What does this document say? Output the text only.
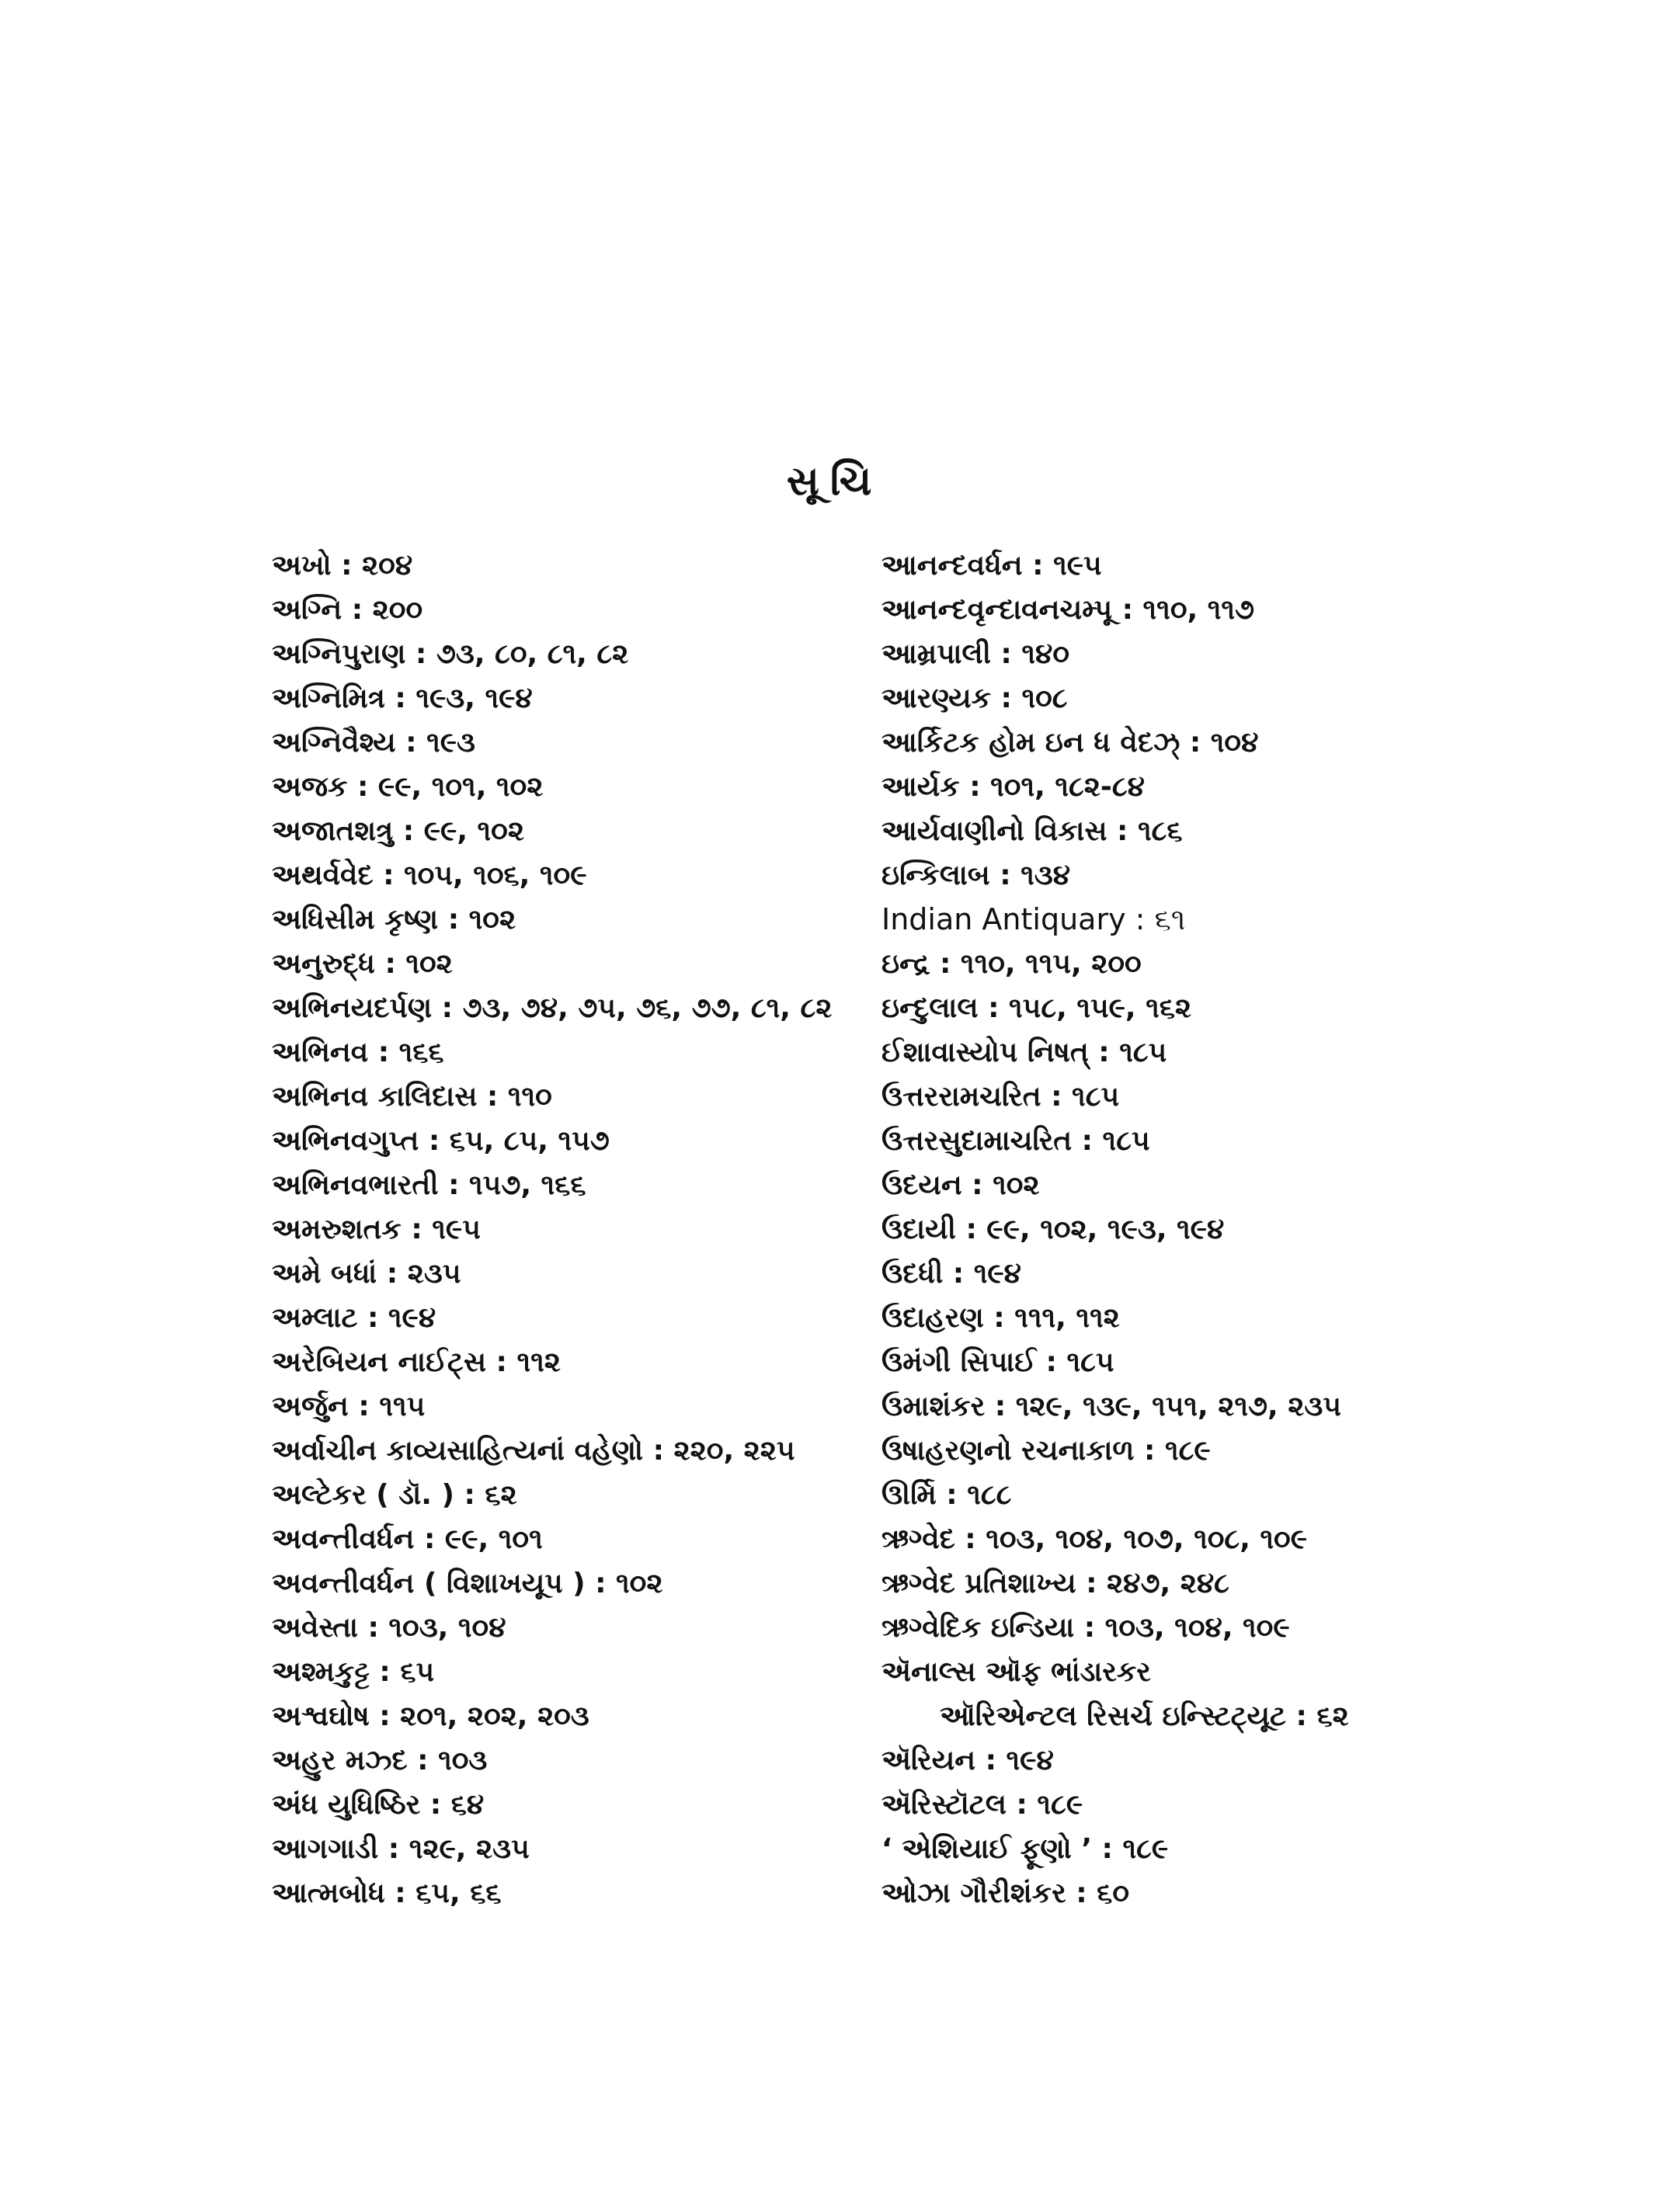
સૂચિ
અખો : ૨૦૪
અગ્નિ : ૨૦૦
અગ્નિપુરાણ : ૭૩, ૮૦, ૮૧, ૮૨
અગ્નિમિત્ર : ૧૯૩, ૧૯૪
અગ્નિવૈશ્ય : ૧૯૩
અજક : ૯૯, ૧૦૧, ૧૦૨
અજાતશત્રુ : ૯૯, ૧૦૨
અથર્વવેદ : ૧૦૫, ૧૦૬, ૧૦૯
અધિસીમ કૃષ્ણ : ૧૦૨
અનુરુદ્ધ : ૧૦૨
અભિનયદર્પણ : ૭૩, ૭૪, ૭૫, ૭૬, ૭૭, ૮૧, ૮૨
અભિનવ : ૧૬૬
અભિનવ કાલિદાસ : ૧૧૦
અભિનવગુપ્ત : ૬૫, ૮૫, ૧૫૭
અભિનવભારતી : ૧૫૭, ૧૬૬
અમરુશતક : ૧૯૫
અમે બધાં : ૨૩૫
અમ્લાટ : ૧૯૪
અરેબિયન નાઈટ્સ : ૧૧૨
અર્જુન : ૧૧૫
અર્વાચીન કાવ્યસાહિત્યનાં વહેણો : ૨૨૦, ૨૨૫
અલ્ટેકર ( ડૉ. ) : ૬૨
અવન્તીવર્ધન : ૯૯, ૧૦૧
અવન્તીવર્ધન ( વિશાખયૂપ ) : ૧૦૨
અવેસ્તા : ૧૦૩, ૧૦૪
અશ્મકુટ્ટ : ૬૫
અશ્વઘોષ : ૨૦૧, ૨૦૨, ૨૦૩
અહુર મઝ્દ : ૧૦૩
અંધ યુધિષ્ઠિર : ૬૪
આગગાડી : ૧૨૯, ૨૩૫
આત્મબોધ : ૬૫, ૬૬
આનન્દવર્ધન : ૧૯૫
આનન્દવૃન્દાવનચમ્પૂ : ૧૧૦, ૧૧૭
આમ્રપાલી : ૧૪૦
આરણ્યક : ૧૦૮
આર્કિટક હોમ ઇન ધ વેદઝ્ : ૧૦૪
આર્યક : ૧૦૧, ૧૮૨-૮૪
આર્યવાણીનો વિકાસ : ૧૮૬
ઇન્કિલાબ : ૧૩૪
Indian Antiquary : ૬૧
ઇન્દ્ર : ૧૧૦, ૧૧૫, ૨૦૦
ઇન્દુલાલ : ૧૫૮, ૧૫૯, ૧૬૨
ઈશાવાસ્યોપ નિષત્ : ૧૮૫
ઉત્તરરામચરિત : ૧૮૫
ઉત્તરસુદામાચરિત : ૧૮૫
ઉદયન : ૧૦૨
ઉદાયી : ૯૯, ૧૦૨, ૧૯૩, ૧૯૪
ઉદધી : ૧૯૪
ઉદાહરણ : ૧૧૧, ૧૧૨
ઉમંગી સિપાઈ : ૧૮૫
ઉમાશંકર : ૧૨૯, ૧૩૯, ૧૫૧, ૨૧૭, ૨૩૫
ઉષાહરણનો રચનાકાળ : ૧૮૯
ઊર્મિ : ૧૮૮
ઋગ્વેદ : ૧૦૩, ૧૦૪, ૧૦૭, ૧૦૮, ૧૦૯
ઋગ્વેદ પ્રતિશાખ્ય : ૨૪૭, ૨૪૮
ઋગ્વેદિક ઇન્ડિયા : ૧૦૩, ૧૦૪, ૧૦૯
ઍનાલ્સ ઑફ ભાંડારકર
ઑરિએન્ટલ રિસર્ચ ઇન્સ્ટિટ્યૂટ : ૬૨
ઍરિયન : ૧૯૪
ઍરિસ્ટૉટલ : ૧૮૯
‘ એશિયાઈ ફૂણો ’ : ૧૮૯
ઓઝા ગૌરીશંકર : ૬૦
